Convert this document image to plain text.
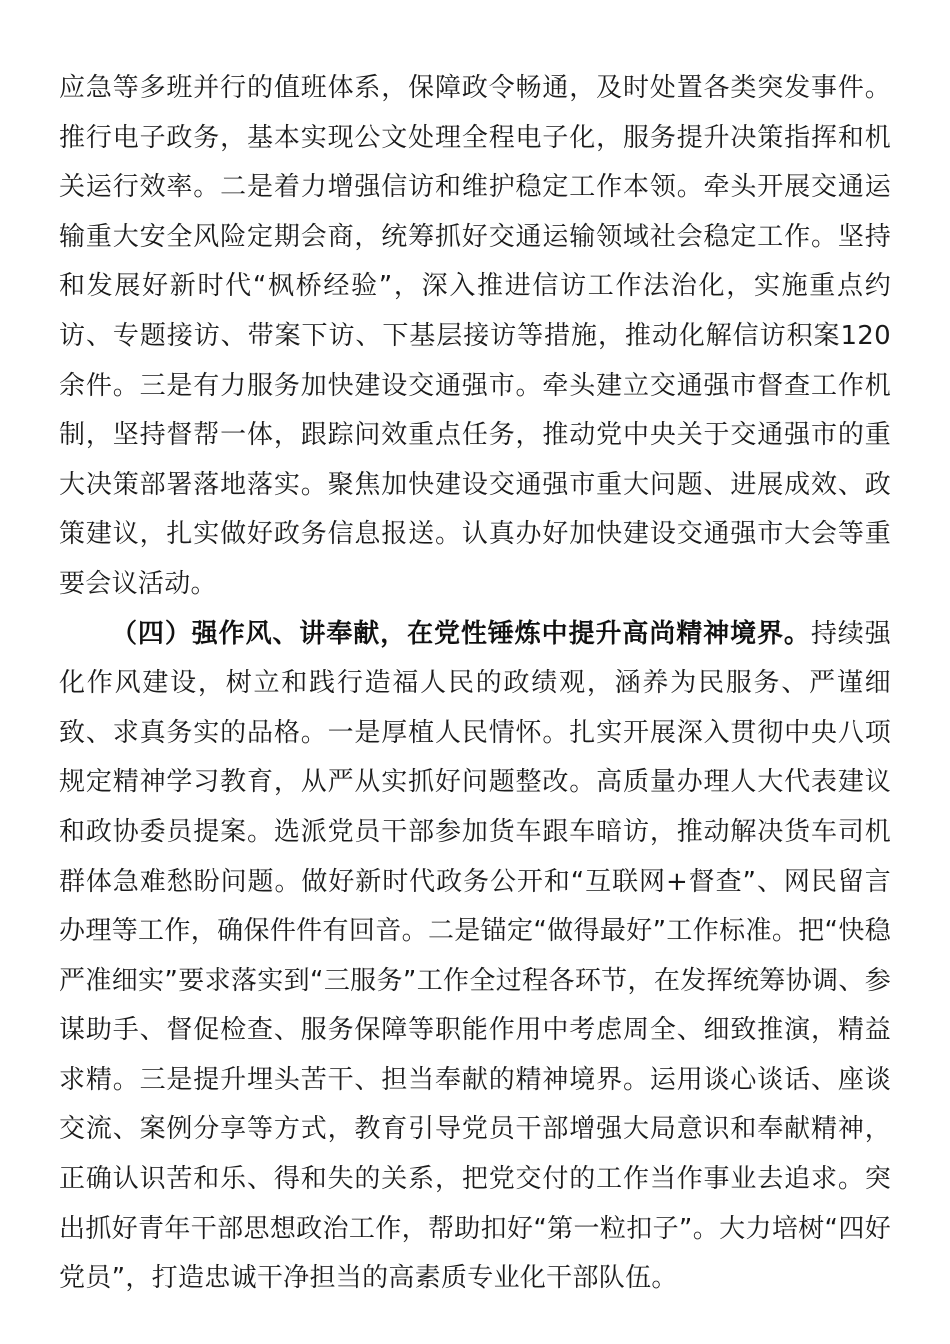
应急等多班并行的值班体系，保障政令畅通，及时处置各类突发事件。推行电子政务，基本实现公文处理全程电子化，服务提升决策指挥和机关运行效率。二是着力增强信访和维护稳定工作本领。牵头开展交通运输重大安全风险定期会商，统筹抓好交通运输领域社会稳定工作。坚持和发展好新时代“枫桥经验”，深入推进信访工作法治化，实施重点约访、专题接访、带案下访、下基层接访等措施，推动化解信访积案120余件。三是有力服务加快建设交通强市。牵头建立交通强市督查工作机制，坚持督帮一体，跟踪问效重点任务，推动党中央关于交通强市的重大决策部署落地落实。聚焦加快建设交通强市重大问题、进展成效、政策建议，扎实做好政务信息报送。认真办好加快建设交通强市大会等重要会议活动。

（四）强作风、讲奉献，在党性锤炼中提升高尚精神境界。持续强化作风建设，树立和践行造福人民的政绩观，涵养为民服务、严谨细致、求真务实的品格。一是厚植人民情怀。扎实开展深入贯彻中央八项规定精神学习教育，从严从实抓好问题整改。高质量办理人大代表建议和政协委员提案。选派党员干部参加货车跟车暗访，推动解决货车司机群体急难愁盼问题。做好新时代政务公开和“互联网+督查”、网民留言办理等工作，确保件件有回音。二是锚定“做得最好”工作标准。把“快稳严准细实”要求落实到“三服务”工作全过程各环节，在发挥统筹协调、参谋助手、督促检查、服务保障等职能作用中考虑周全、细致推演，精益求精。三是提升埋头苦干、担当奉献的精神境界。运用谈心谈话、座谈交流、案例分享等方式，教育引导党员干部增强大局意识和奉献精神，正确认识苦和乐、得和失的关系，把党交付的工作当作事业去追求。突出抓好青年干部思想政治工作，帮助扣好“第一粒扣子”。大力培树“四好党员”，打造忠诚干净担当的高素质专业化干部队伍。
